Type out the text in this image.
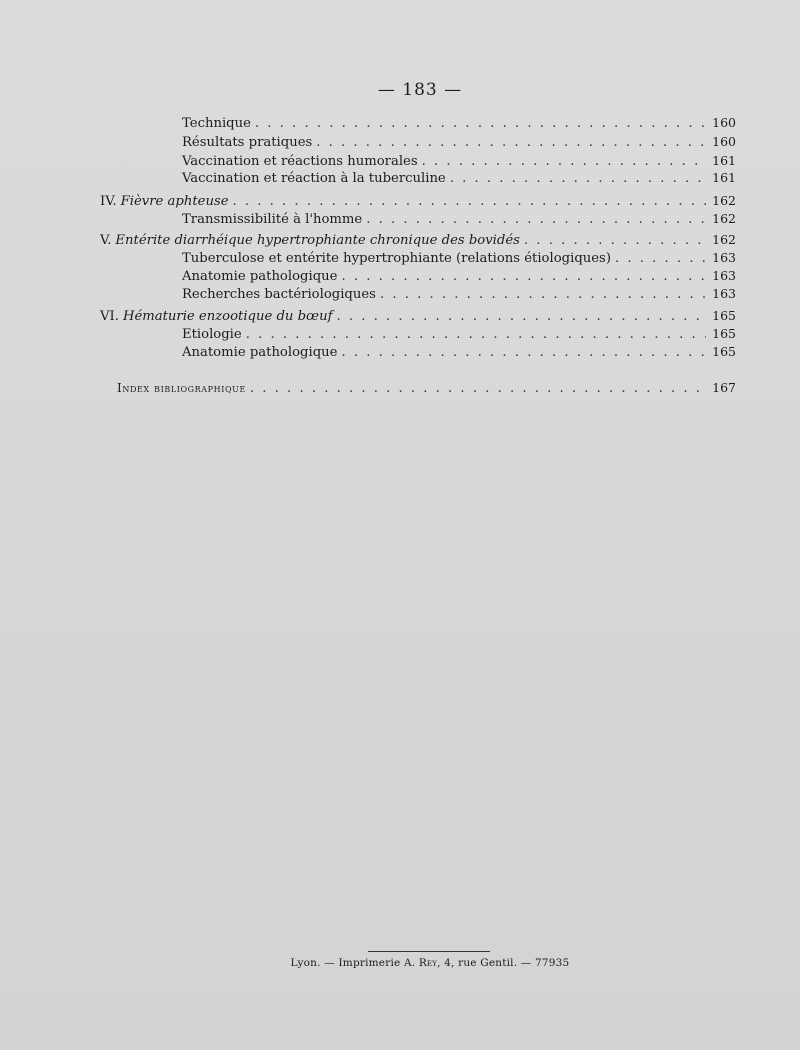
— 183 —
Technique . . .	160
Résultats pratiques . . .	160
Vaccination et réactions humorales . . .	161
Vaccination et réaction à la tuberculine . . .	161
IV. Fièvre aphteuse . . .	162
Transmissibilité à l'homme . . .	162
V. Entérite diarrhéique hypertrophiante chronique des bovidés . . .	162
Tuberculose et entérite hypertrophiante (relations étiologiques) . . .	163
Anatomie pathologique . . .	163
Recherches bactériologiques . . .	163
VI. Hématurie enzootique du bœuf . . .	165
Etiologie . . .	165
Anatomie pathologique . . .	165
Index bibliographique . . .	167
Lyon. — Imprimerie A. Rey, 4, rue Gentil. — 77935
